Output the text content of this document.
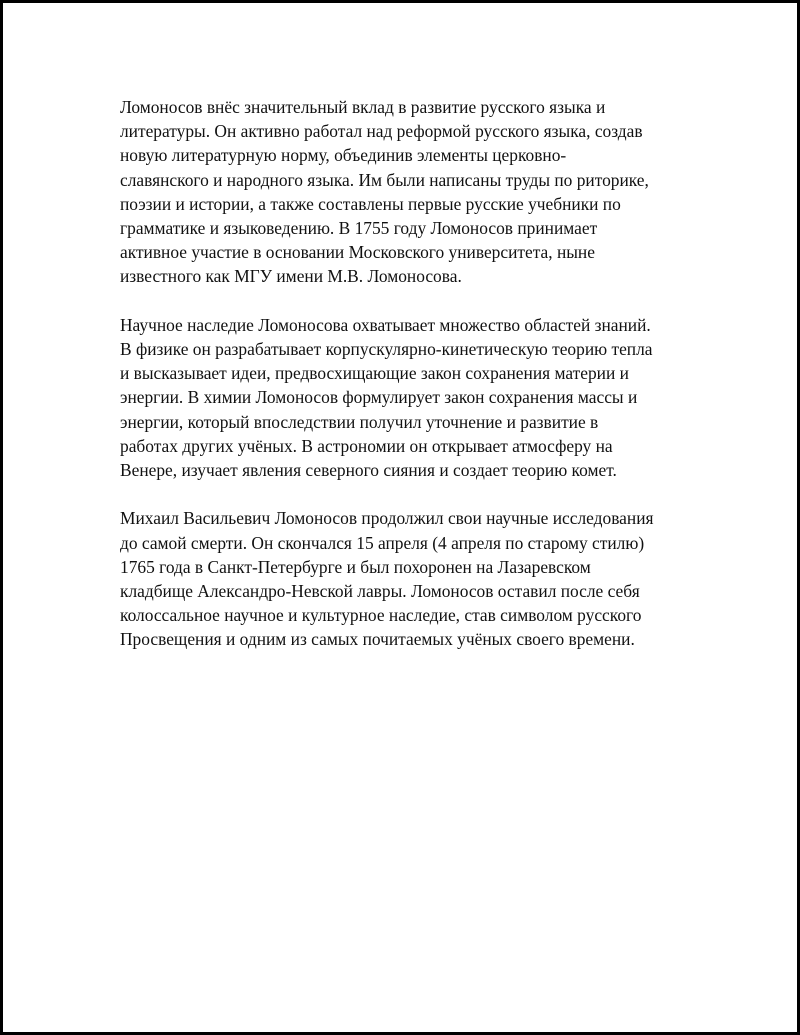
Ломоносов внёс значительный вклад в развитие русского языка и
литературы. Он активно работал над реформой русского языка, создав
новую литературную норму, объединив элементы церковно-
славянского и народного языка. Им были написаны труды по риторике,
поэзии и истории, а также составлены первые русские учебники по
грамматике и языковедению. В 1755 году Ломоносов принимает
активное участие в основании Московского университета, ныне
известного как МГУ имени М.В. Ломоносова.

Научное наследие Ломоносова охватывает множество областей знаний.
В физике он разрабатывает корпускулярно-кинетическую теорию тепла
и высказывает идеи, предвосхищающие закон сохранения материи и
энергии. В химии Ломоносов формулирует закон сохранения массы и
энергии, который впоследствии получил уточнение и развитие в
работах других учёных. В астрономии он открывает атмосферу на
Венере, изучает явления северного сияния и создает теорию комет.

Михаил Васильевич Ломоносов продолжил свои научные исследования
до самой смерти. Он скончался 15 апреля (4 апреля по старому стилю)
1765 года в Санкт-Петербурге и был похоронен на Лазаревском
кладбище Александро-Невской лавры. Ломоносов оставил после себя
колоссальное научное и культурное наследие, став символом русского
Просвещения и одним из самых почитаемых учёных своего времени.
